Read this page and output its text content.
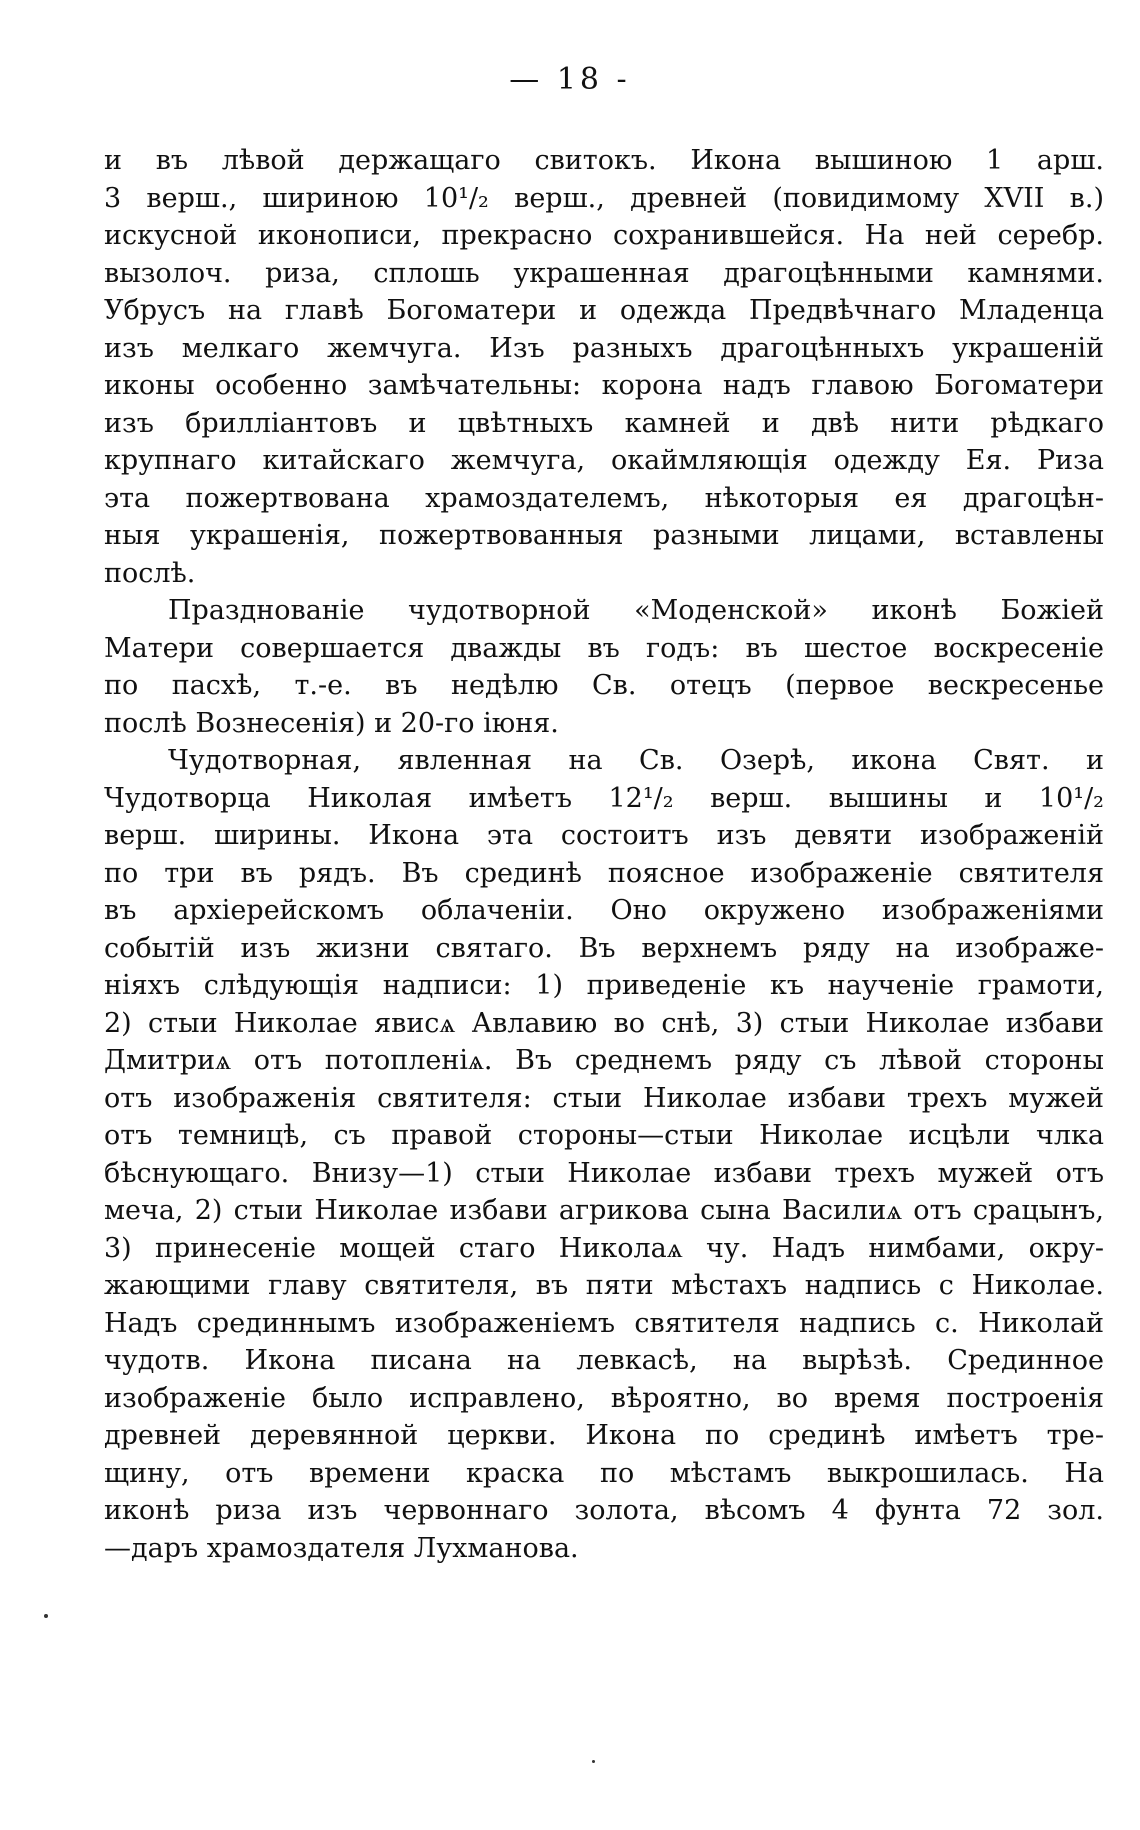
— 18 -
и въ лѣвой держащаго свитокъ. Икона вышиною 1 арш.
3 верш., шириною 10¹/₂ верш., древней (повидимому XVII в.)
искусной иконописи, прекрасно сохранившейся. На ней серебр.
вызолоч. риза, сплошь украшенная драгоцѣнными камнями.
Убрусъ на главѣ Богоматери и одежда Предвѣчнаго Младенца
изъ мелкаго жемчуга. Изъ разныхъ драгоцѣнныхъ украшеній
иконы особенно замѣчательны: корона надъ главою Богоматери
изъ бриллiантовъ и цвѣтныхъ камней и двѣ нити рѣдкаго
крупнаго китайскаго жемчуга, окаймляющiя одежду Ея. Риза
эта пожертвована храмоздателемъ, нѣкоторыя ея драгоцѣн-
ныя украшенiя, пожертвованныя разными лицами, вставлены
послѣ.
Празднованiе чудотворной «Моденской» иконѣ Божiей
Матери совершается дважды въ годъ: въ шестое воскресенiе
по пасхѣ, т.-е. въ недѣлю Св. отецъ (первое вескресенье
послѣ Вознесенiя) и 20-го iюня.
Чудотворная, явленная на Св. Озерѣ, икона Свят. и
Чудотворца Николая имѣетъ 12¹/₂ верш. вышины и 10¹/₂
верш. ширины. Икона эта состоитъ изъ девяти изображенiй
по три въ рядъ. Въ срединѣ поясное изображенiе святителя
въ архiерейскомъ облаченiи. Оно окружено изображенiями
событiй изъ жизни святаго. Въ верхнемъ ряду на изображе-
нiяхъ слѣдующiя надписи: 1) приведенiе къ наученiе грамоти,
2) стыи Николае явисѧ Авлавию во снѣ, 3) стыи Николае избави
Дмитриѧ отъ потопленiѧ. Въ среднемъ ряду съ лѣвой стороны
отъ изображенiя святителя: стыи Николае избави трехъ мужей
отъ темницѣ, съ правой стороны—стыи Николае исцѣли члка
бѣснующаго. Внизу—1) стыи Николае избави трехъ мужей отъ
меча, 2) стыи Николае избави агрикова сына Василиѧ отъ срацынъ,
3) принесенiе мощей стаго Николаѧ чу. Надъ нимбами, окру-
жающими главу святителя, въ пяти мѣстахъ надпись с Николае.
Надъ срединнымъ изображенiемъ святителя надпись с. Николай
чудотв. Икона писана на левкасѣ, на вырѣзѣ. Срединное
изображенiе было исправлено, вѣроятно, во время построенiя
древней деревянной церкви. Икона по срединѣ имѣетъ тре-
щину, отъ времени краска по мѣстамъ выкрошилась. На
иконѣ риза изъ червоннаго золота, вѣсомъ 4 фунта 72 зол.
—даръ храмоздателя Лухманова.
